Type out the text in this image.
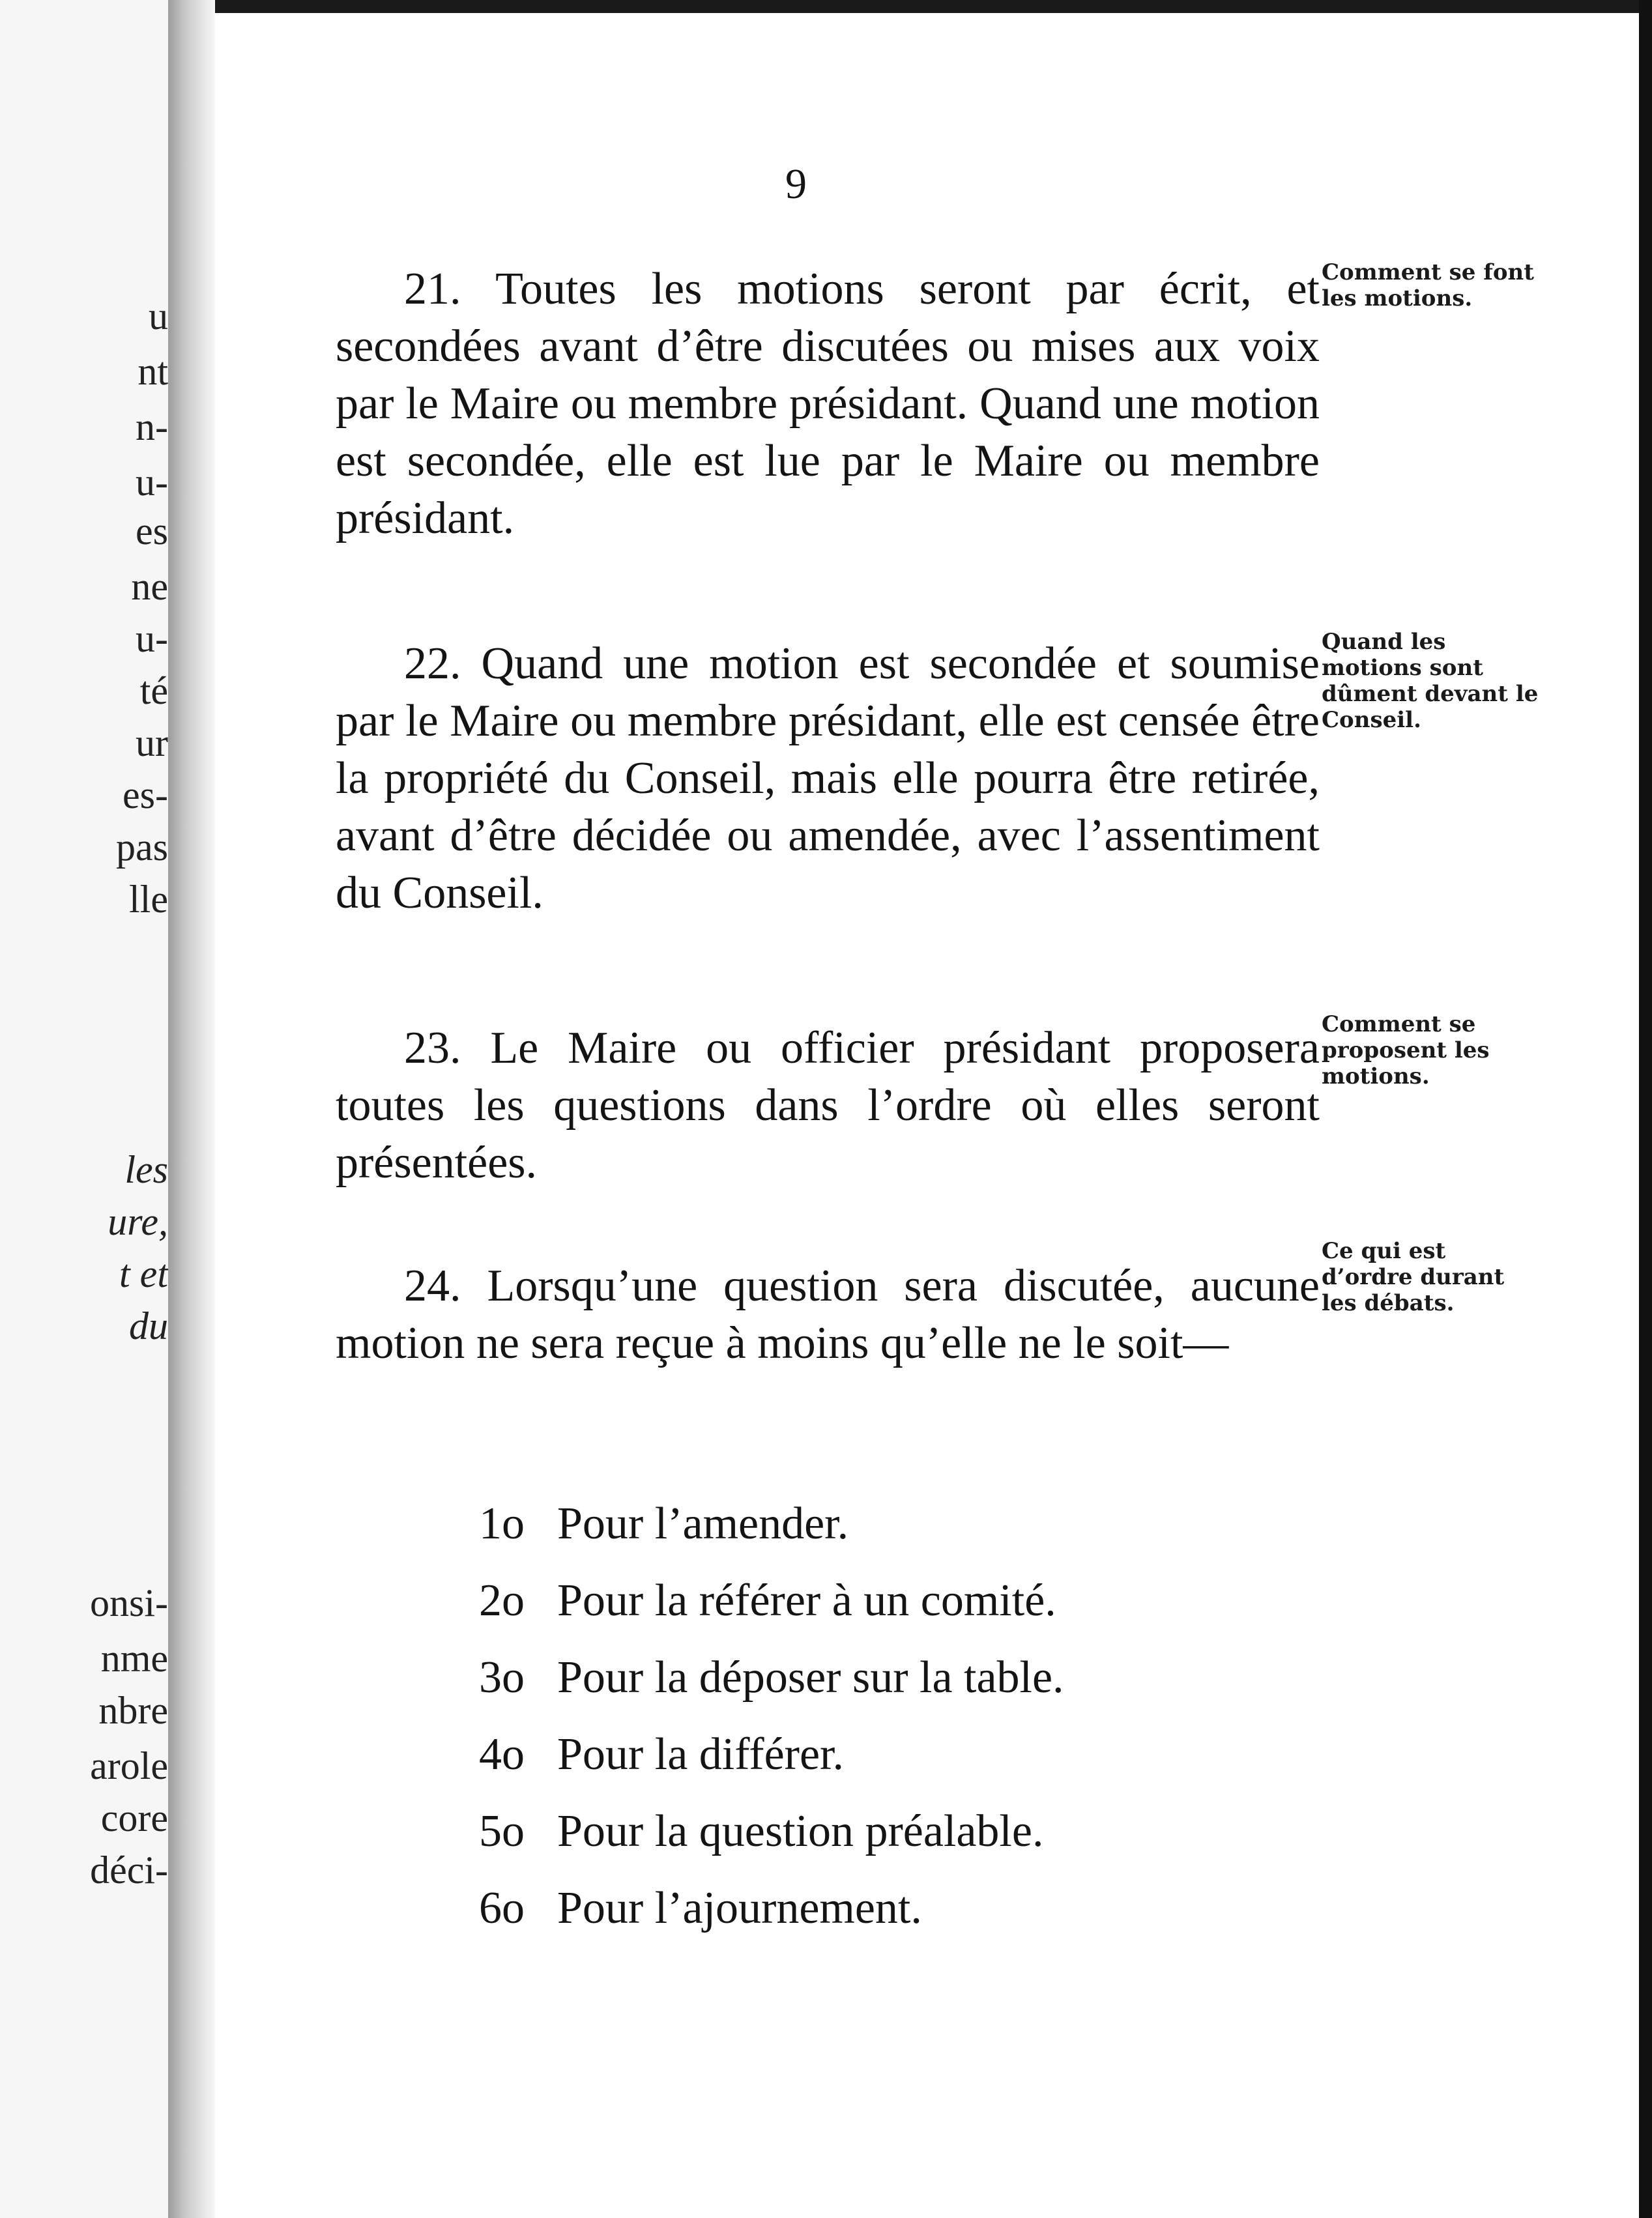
u
nt
n-
u-
es
ne
u-
té
ur
es-
pas
lle
les
ure,
t et
du
onsi-
nme
nbre
arole
core
déci-
9
21. Toutes les motions seront par écrit, et secondées avant d’être discutées ou mises aux voix par le Maire ou membre présidant. Quand une motion est secondée, elle est lue par le Maire ou membre présidant.
Comment se font les motions.
22. Quand une motion est secondée et soumise par le Maire ou membre présidant, elle est censée être la propriété du Conseil, mais elle pourra être retirée, avant d’être décidée ou amendée, avec l’assentiment du Conseil.
Quand les motions sont dûment devant le Conseil.
23. Le Maire ou officier présidant proposera toutes les questions dans l’ordre où elles seront présentées.
Comment se proposent les motions.
24. Lorsqu’une question sera discutée, aucune motion ne sera reçue à moins qu’elle ne le soit—
Ce qui est d’ordre durant les débats.
1o Pour l’amender.
2o Pour la référer à un comité.
3o Pour la déposer sur la table.
4o Pour la différer.
5o Pour la question préalable.
6o Pour l’ajournement.
